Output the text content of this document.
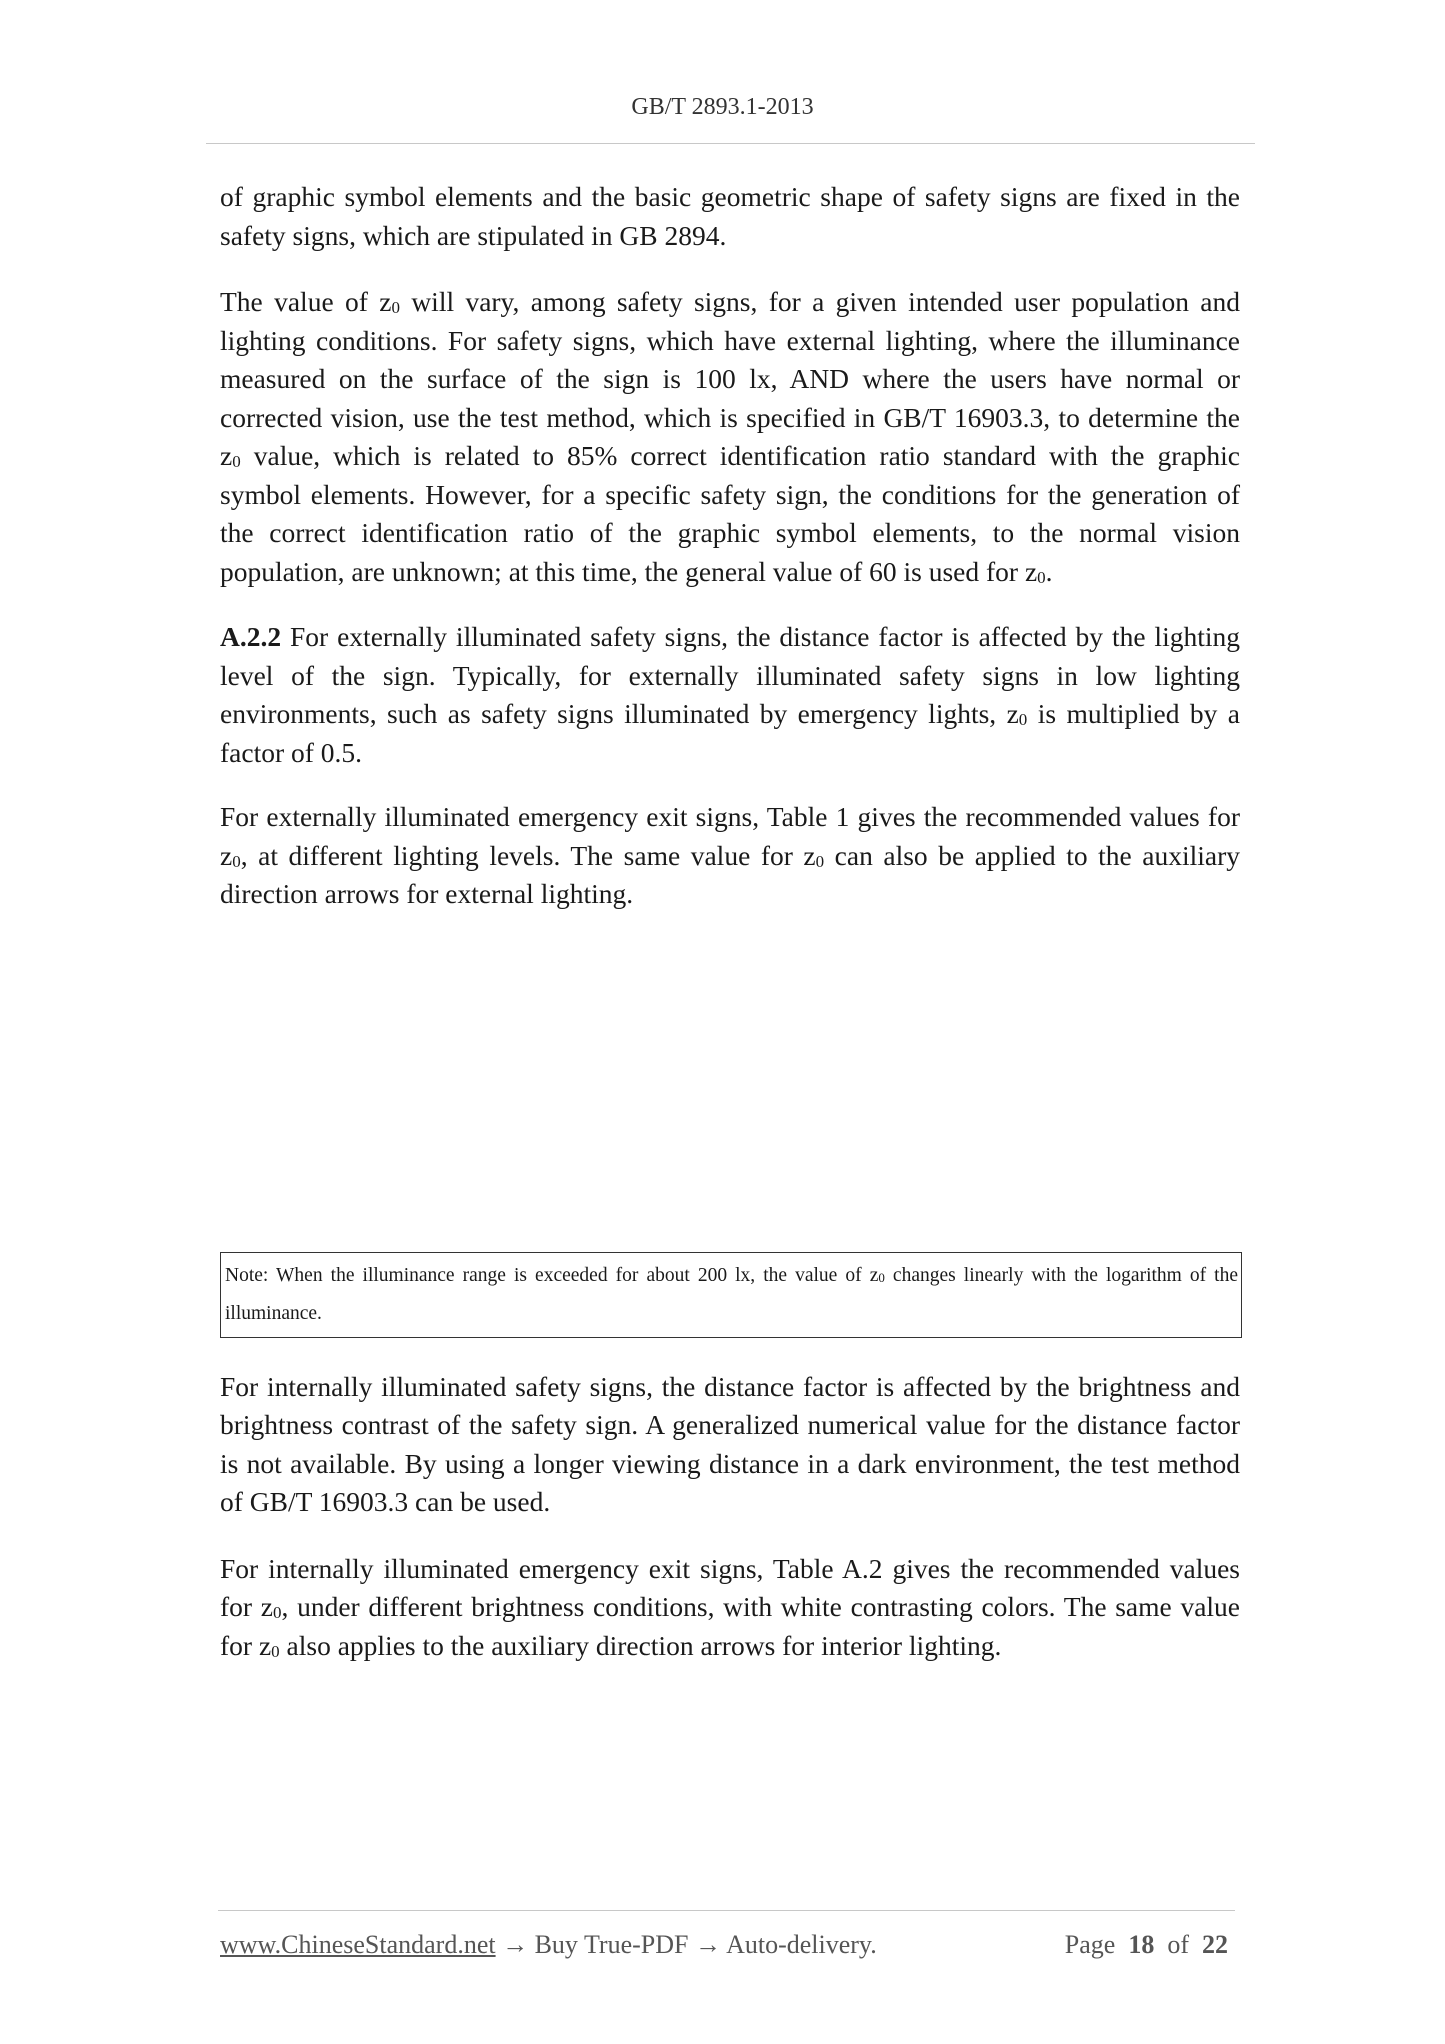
GB/T 2893.1-2013

of graphic symbol elements and the basic geometric shape of safety signs are fixed in the safety signs, which are stipulated in GB 2894.

The value of $z_0$ will vary, among safety signs, for a given intended user population and lighting conditions. For safety signs, which have external lighting, where the illuminance measured on the surface of the sign is 100 lx, AND where the users have normal or corrected vision, use the test method, which is specified in GB/T 16903.3, to determine the $z_0$ value, which is related to 85% correct identification ratio standard with the graphic symbol elements. However, for a specific safety sign, the conditions for the generation of the correct identification ratio of the graphic symbol elements, to the normal vision population, are unknown; at this time, the general value of 60 is used for $z_0$.

A.2.2 For externally illuminated safety signs, the distance factor is affected by the lighting level of the sign. Typically, for externally illuminated safety signs in low lighting environments, such as safety signs illuminated by emergency lights, $z_0$ is multiplied by a factor of 0.5.

For externally illuminated emergency exit signs, Table 1 gives the recommended values for $z_0$, at different lighting levels. The same value for $z_0$ can also be applied to the auxiliary direction arrows for external lighting.

Note: When the illuminance range is exceeded for about 200 lx, the value of $z_0$ changes linearly with the logarithm of the illuminance.

For internally illuminated safety signs, the distance factor is affected by the brightness and brightness contrast of the safety sign. A generalized numerical value for the distance factor is not available. By using a longer viewing distance in a dark environment, the test method of GB/T 16903.3 can be used.

For internally illuminated emergency exit signs, Table A.2 gives the recommended values for $z_0$, under different brightness conditions, with white contrasting colors. The same value for $z_0$ also applies to the auxiliary direction arrows for interior lighting.

www.ChineseStandard.net → Buy True-PDF → Auto-delivery.	Page 18 of 22
